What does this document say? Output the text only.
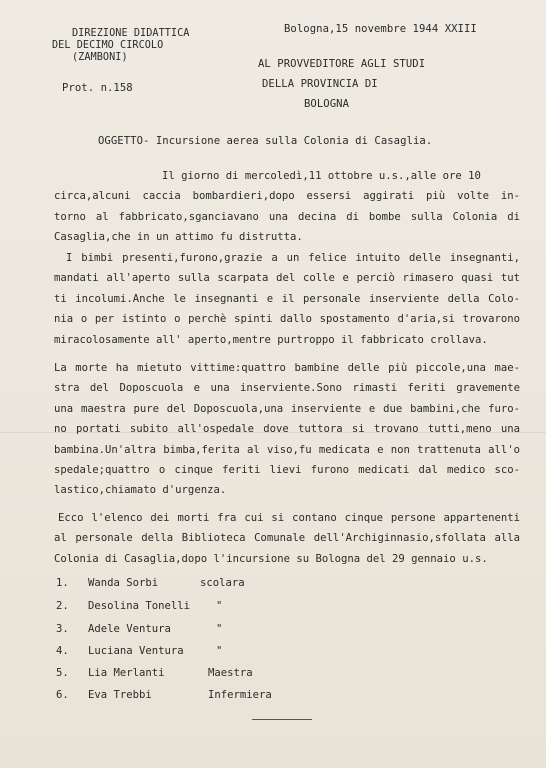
DIREZIONE DIDATTICA
DEL DECIMO CIRCOLO
(ZAMBONI)
Prot. n.158
Bologna,15 novembre 1944 XXIII
AL PROVVEDITORE AGLI STUDI
DELLA PROVINCIA DI
BOLOGNA
OGGETTO- Incursione aerea sulla Colonia di Casaglia.
Il giorno di mercoledì,11 ottobre u.s.,alle ore 10
circa,alcuni caccia bombardieri,dopo essersi aggirati più volte in-
torno al fabbricato,sganciavano una decina di bombe sulla Colonia di
Casaglia,che in un attimo fu distrutta.
I bimbi presenti,furono,grazie a un felice intuito delle insegnanti,
mandati all'aperto sulla scarpata del colle e perciò rimasero quasi tut
ti incolumi.Anche le insegnanti e il personale inserviente della Colo-
nia o per istinto o perchè spinti dallo spostamento d'aria,si trovarono
miracolosamente all' aperto,mentre purtroppo il fabbricato crollava.
La morte ha mietuto vittime:quattro bambine delle più piccole,una mae-
stra del Doposcuola e una inserviente.Sono rimasti feriti gravemente
una maestra pure del Doposcuola,una inserviente e due bambini,che furo-
no portati subito all'ospedale dove tuttora si trovano tutti,meno una
bambina.Un'altra bimba,ferita al viso,fu medicata e non trattenuta all'o
spedale;quattro o cinque feriti lievi furono medicati dal medico sco-
lastico,chiamato d'urgenza.
Ecco l'elenco dei morti fra cui si contano cinque persone appartenenti
al personale della Biblioteca Comunale dell'Archiginnasio,sfollata alla
Colonia di Casaglia,dopo l'incursione su Bologna del 29 gennaio u.s.
1. Wanda Sorbi	scolara
2. Desolina Tonelli "
3. Adele Ventura	"
4. Luciana Ventura	"
5. Lia Merlanti	Maestra
6. Eva Trebbi	Infermiera
